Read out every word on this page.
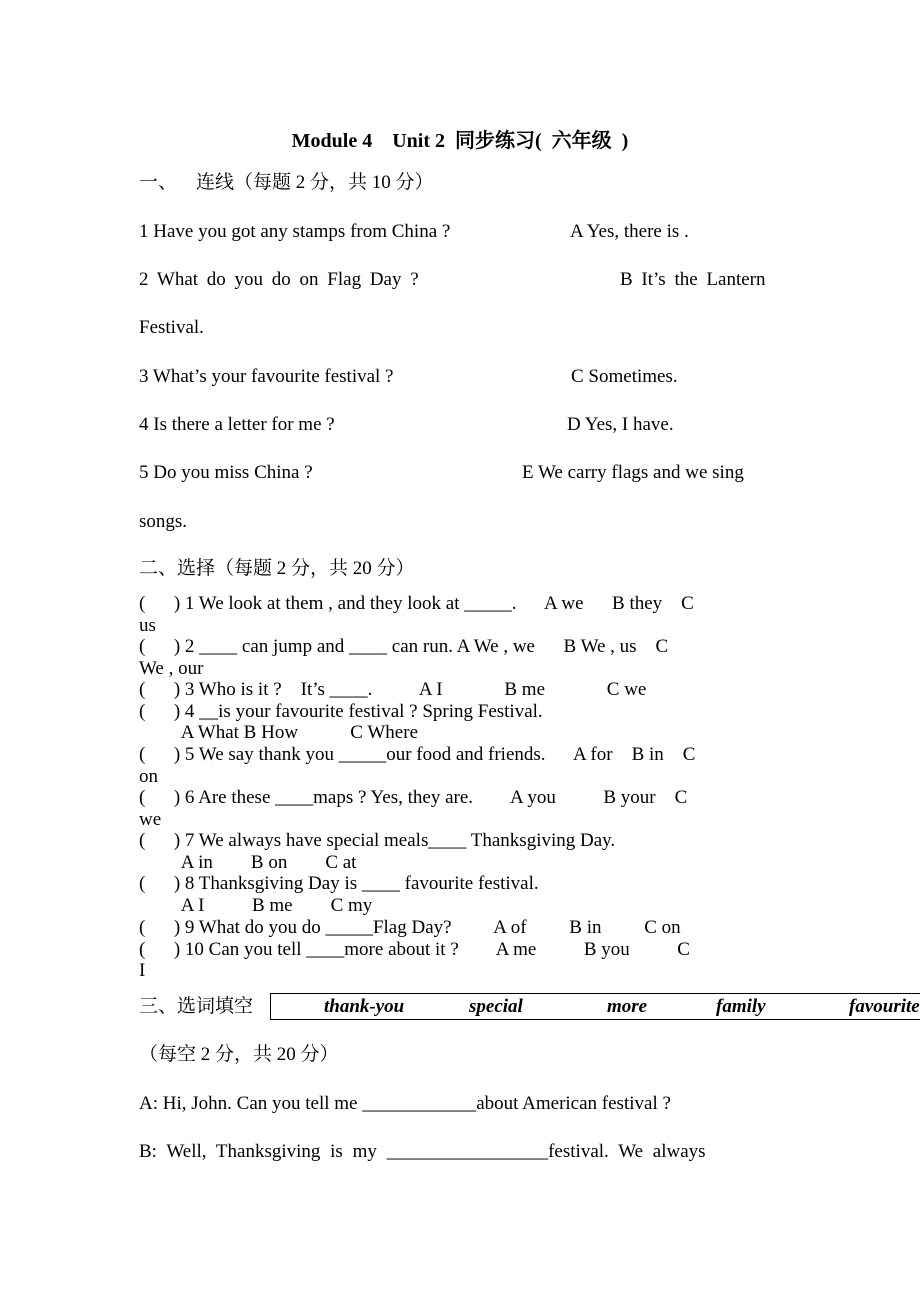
Module 4    Unit 2  同步练习(  六年级  )
一、    连线（每题 2 分，共 10 分）
1 Have you got any stamps from China ?	A Yes, there is .
2 What do you do on Flag Day ?	B It’s the Lantern
Festival.
3 What’s your favourite festival ?	C Sometimes.
4 Is there a letter for me ?	D Yes, I have.
5 Do you miss China ?	E We carry flags and we sing
songs.
二、选择（每题 2 分，共 20 分）
(      ) 1 We look at them , and they look at _____.      A we      B they    C
us
(      ) 2 ____ can jump and ____ can run. A We , we      B We , us    C
We , our
(      ) 3 Who is it ?    It’s ____.          A I             B me             C we
(      ) 4 __is your favourite festival ? Spring Festival.
A What B How           C Where
(      ) 5 We say thank you _____our food and friends.      A for    B in    C
on
(      ) 6 Are these ____maps ? Yes, they are.        A you          B your    C
we
(      ) 7 We always have special meals____ Thanksgiving Day.
A in        B on        C at
(      ) 8 Thanksgiving Day is ____ favourite festival.
A I          B me        C my
(      ) 9 What do you do _____Flag Day?         A of         B in         C on
(      ) 10 Can you tell ____more about it ?        A me          B you          C
I
三、选词填空	thank-you	special	more	family	favourite
（每空 2 分，共 20 分）
A: Hi, John. Can you tell me ____________about American festival ?
B: Well, Thanksgiving is my _________________festival. We always
